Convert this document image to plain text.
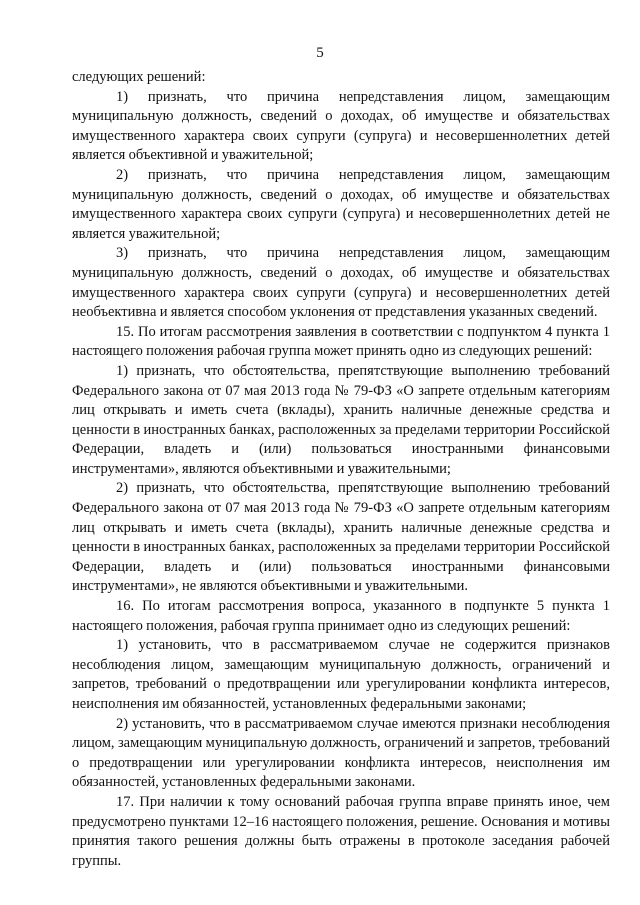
5

следующих решений:

1) признать, что причина непредставления лицом, замещающим муниципальную должность, сведений о доходах, об имуществе и обязательствах имущественного характера своих супруги (супруга) и несовершеннолетних детей является объективной и уважительной;

2) признать, что причина непредставления лицом, замещающим муниципальную должность, сведений о доходах, об имуществе и обязательствах имущественного характера своих супруги (супруга) и несовершеннолетних детей не является уважительной;

3) признать, что причина непредставления лицом, замещающим муниципальную должность, сведений о доходах, об имуществе и обязательствах имущественного характера своих супруги (супруга) и несовершеннолетних детей необъективна и является способом уклонения от представления указанных сведений.

15. По итогам рассмотрения заявления в соответствии с подпунктом 4 пункта 1 настоящего положения рабочая группа может принять одно из следующих решений:

1) признать, что обстоятельства, препятствующие выполнению требований Федерального закона от 07 мая 2013 года № 79-ФЗ «О запрете отдельным категориям лиц открывать и иметь счета (вклады), хранить наличные денежные средства и ценности в иностранных банках, расположенных за пределами территории Российской Федерации, владеть и (или) пользоваться иностранными финансовыми инструментами», являются объективными и уважительными;

2) признать, что обстоятельства, препятствующие выполнению требований Федерального закона от 07 мая 2013 года № 79-ФЗ «О запрете отдельным категориям лиц открывать и иметь счета (вклады), хранить наличные денежные средства и ценности в иностранных банках, расположенных за пределами территории Российской Федерации, владеть и (или) пользоваться иностранными финансовыми инструментами», не являются объективными и уважительными.

16. По итогам рассмотрения вопроса, указанного в подпункте 5 пункта 1 настоящего положения, рабочая группа принимает одно из следующих решений:

1) установить, что в рассматриваемом случае не содержится признаков несоблюдения лицом, замещающим муниципальную должность, ограничений и запретов, требований о предотвращении или урегулировании конфликта интересов, неисполнения им обязанностей, установленных федеральными законами;

2) установить, что в рассматриваемом случае имеются признаки несоблюдения лицом, замещающим муниципальную должность, ограничений и запретов, требований о предотвращении или урегулировании конфликта интересов, неисполнения им обязанностей, установленных федеральными законами.

17. При наличии к тому оснований рабочая группа вправе принять иное, чем предусмотрено пунктами 12–16 настоящего положения, решение. Основания и мотивы принятия такого решения должны быть отражены в протоколе заседания рабочей группы.
